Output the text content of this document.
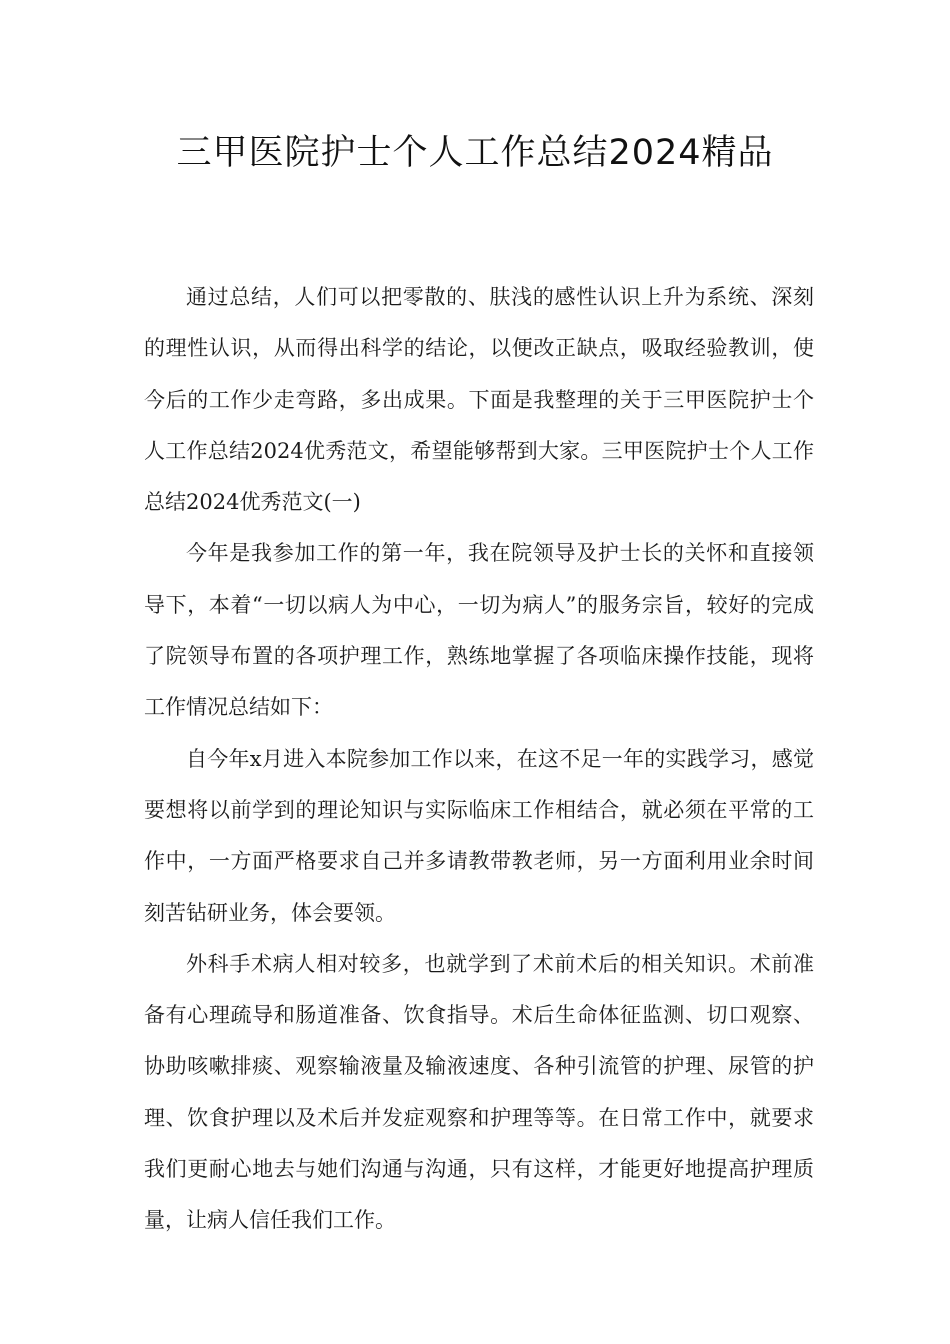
三甲医院护士个人工作总结2024精品

通过总结，人们可以把零散的、肤浅的感性认识上升为系统、深刻的理性认识，从而得出科学的结论，以便改正缺点，吸取经验教训，使今后的工作少走弯路，多出成果。下面是我整理的关于三甲医院护士个人工作总结2024优秀范文，希望能够帮到大家。三甲医院护士个人工作总结2024优秀范文(一)

今年是我参加工作的第一年，我在院领导及护士长的关怀和直接领导下，本着“一切以病人为中心，一切为病人”的服务宗旨，较好的完成了院领导布置的各项护理工作，熟练地掌握了各项临床操作技能，现将工作情况总结如下：

自今年x月进入本院参加工作以来，在这不足一年的实践学习，感觉要想将以前学到的理论知识与实际临床工作相结合，就必须在平常的工作中，一方面严格要求自己并多请教带教老师，另一方面利用业余时间刻苦钻研业务，体会要领。

外科手术病人相对较多，也就学到了术前术后的相关知识。术前准备有心理疏导和肠道准备、饮食指导。术后生命体征监测、切口观察、协助咳嗽排痰、观察输液量及输液速度、各种引流管的护理、尿管的护理、饮食护理以及术后并发症观察和护理等等。在日常工作中，就要求我们更耐心地去与她们沟通与沟通，只有这样，才能更好地提高护理质量，让病人信任我们工作。
